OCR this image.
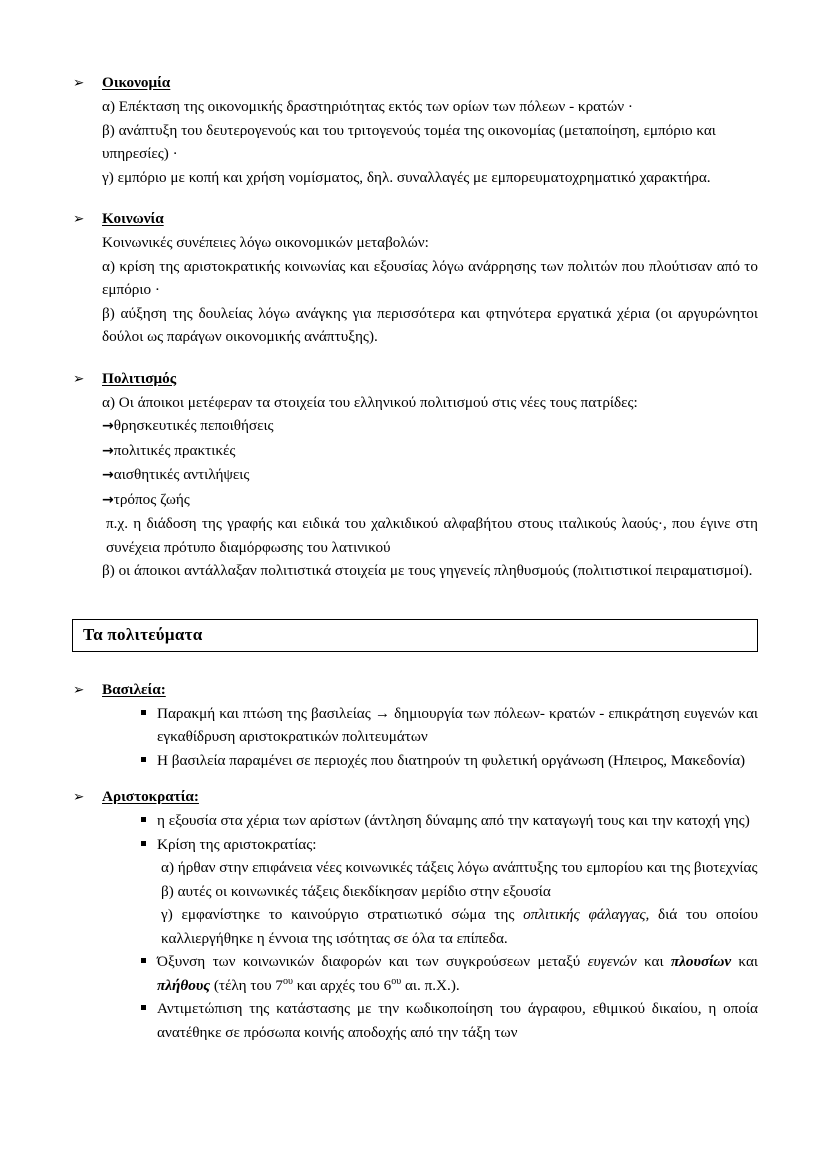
➢ Οικονομία

α) Επέκταση της οικονομικής δραστηριότητας εκτός των ορίων των πόλεων - κρατών ·

β) ανάπτυξη του δευτερογενούς και του τριτογενούς τομέα της οικονομίας (μεταποίηση, εμπόριο και υπηρεσίες) ·

γ) εμπόριο με κοπή και χρήση νομίσματος, δηλ. συναλλαγές με εμπορευματοχρηματικό χαρακτήρα.

➢ Κοινωνία

Κοινωνικές συνέπειες λόγω οικονομικών μεταβολών:

α) κρίση της αριστοκρατικής κοινωνίας και εξουσίας λόγω ανάρρησης των πολιτών που πλούτισαν από το εμπόριο ·

β) αύξηση της δουλείας λόγω ανάγκης για περισσότερα και φτηνότερα εργατικά χέρια (οι αργυρώνητοι δούλοι ως παράγων οικονομικής ανάπτυξης).

➢ Πολιτισμός

α) Οι άποικοι μετέφεραν τα στοιχεία του ελληνικού πολιτισμού στις νέες τους πατρίδες:

→θρησκευτικές πεποιθήσεις
→πολιτικές πρακτικές
→αισθητικές αντιλήψεις
→τρόπος ζωής

π.χ. η διάδοση της γραφής και ειδικά του χαλκιδικού αλφαβήτου στους ιταλικούς λαούς·, που έγινε στη συνέχεια πρότυπο διαμόρφωσης του λατινικού

β) οι άποικοι αντάλλαξαν πολιτιστικά στοιχεία με τους γηγενείς πληθυσμούς (πολιτιστικοί πειραματισμοί).

Τα πολιτεύματα
➢ Βασιλεία:
Παρακμή και πτώση της βασιλείας → δημιουργία των πόλεων- κρατών - επικράτηση ευγενών και εγκαθίδρυση αριστοκρατικών πολιτευμάτων
Η βασιλεία παραμένει σε περιοχές που διατηρούν τη φυλετική οργάνωση (Ηπειρος, Μακεδονία)
➢ Αριστοκρατία:
η εξουσία στα χέρια των αρίστων (άντληση δύναμης από την καταγωγή τους και την κατοχή γης)
Κρίση της αριστοκρατίας:
α) ήρθαν στην επιφάνεια νέες κοινωνικές τάξεις λόγω ανάπτυξης του εμπορίου και της βιοτεχνίας
β) αυτές οι κοινωνικές τάξεις διεκδίκησαν μερίδιο στην εξουσία
γ) εμφανίστηκε το καινούργιο στρατιωτικό σώμα της οπλιτικής φάλαγγας, διά του οποίου καλλιεργήθηκε η έννοια της ισότητας σε όλα τα επίπεδα.
Όξυνση των κοινωνικών διαφορών και των συγκρούσεων μεταξύ ευγενών και πλουσίων και πλήθους (τέλη του $7^{o\upsilon}$ και αρχές του $6^{o\upsilon}$ αι. π.Χ.).
Αντιμετώπιση της κατάστασης με την κωδικοποίηση του άγραφου, εθιμικού δικαίου, η οποία ανατέθηκε σε πρόσωπα κοινής αποδοχής από την τάξη των
